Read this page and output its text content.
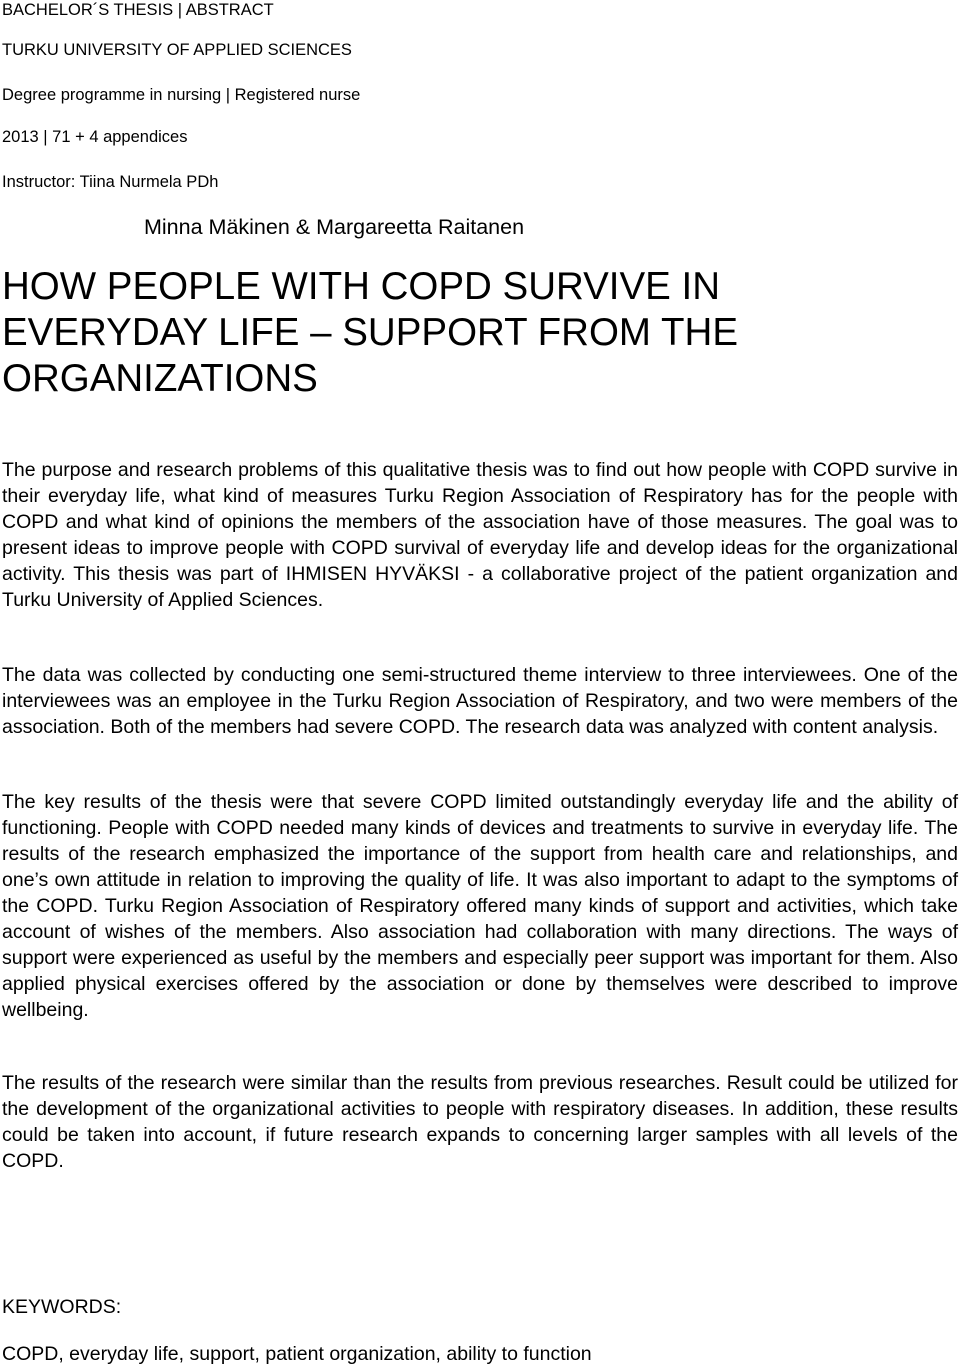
BACHELOR´S THESIS | ABSTRACT
TURKU UNIVERSITY OF APPLIED SCIENCES
Degree programme in nursing | Registered nurse
2013 | 71 + 4 appendices
Instructor: Tiina Nurmela PDh
Minna Mäkinen & Margareetta Raitanen
HOW PEOPLE WITH COPD SURVIVE IN
EVERYDAY LIFE – SUPPORT FROM THE
ORGANIZATIONS

The purpose and research problems of this qualitative thesis was to find out how people with COPD survive in their everyday life, what kind of measures Turku Region Association of Respiratory has for the people with COPD and what kind of opinions the members of the association have of those measures. The goal was to present ideas to improve people with COPD survival of everyday life and develop ideas for the organizational activity. This thesis was part of IHMISEN HYVÄKSI - a collaborative project of the patient organization and Turku University of Applied Sciences.

The data was collected by conducting one semi-structured theme interview to three interviewees. One of the interviewees was an employee in the Turku Region Association of Respiratory, and two were members of the association. Both of the members had severe COPD. The research data was analyzed with content analysis.

The key results of the thesis were that severe COPD limited outstandingly everyday life and the ability of functioning. People with COPD needed many kinds of devices and treatments to survive in everyday life. The results of the research emphasized the importance of the support from health care and relationships, and one’s own attitude in relation to improving the quality of life. It was also important to adapt to the symptoms of the COPD. Turku Region Association of Respiratory offered many kinds of support and activities, which take account of wishes of the members. Also association had collaboration with many directions. The ways of support were experienced as useful by the members and especially peer support was important for them. Also applied physical exercises offered by the association or done by themselves were described to improve wellbeing.

The results of the research were similar than the results from previous researches. Result could be utilized for the development of the organizational activities to people with respiratory diseases. In addition, these results could be taken into account, if future research expands to concerning larger samples with all levels of the COPD.

KEYWORDS:
COPD, everyday life, support, patient organization, ability to function
